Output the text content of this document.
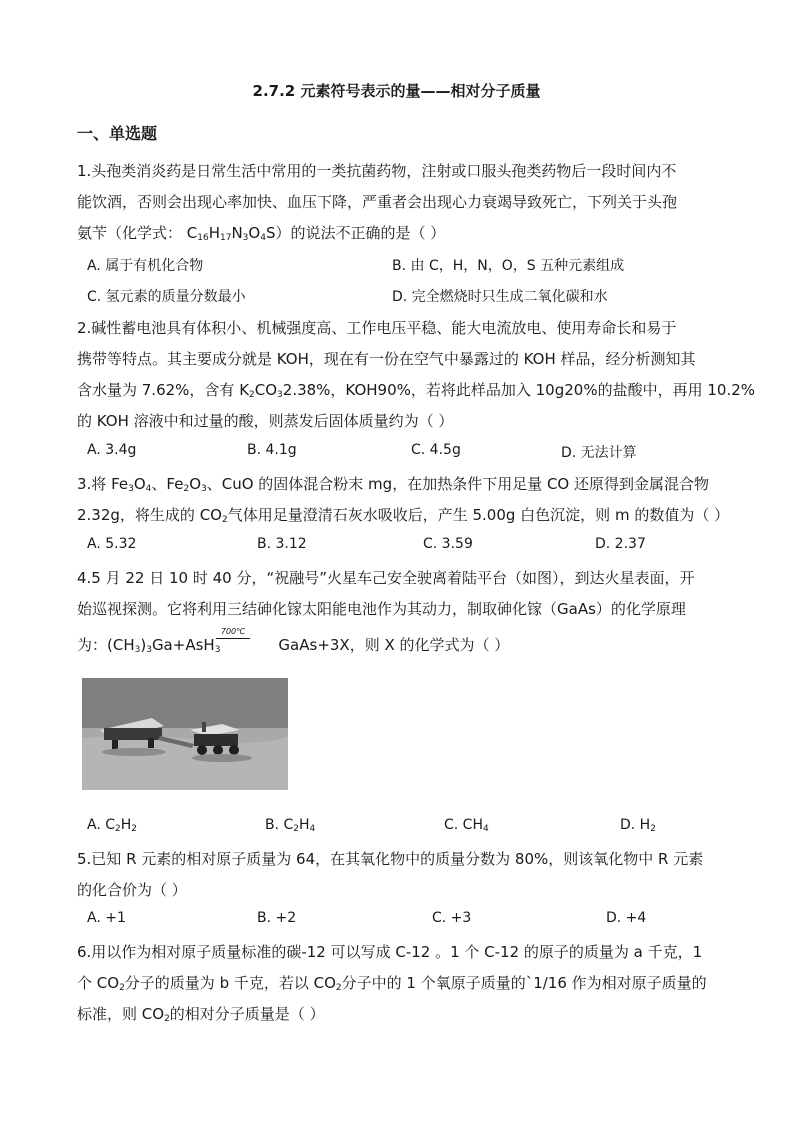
2.7.2 元素符号表示的量——相对分子质量
一、单选题
1.头孢类消炎药是日常生活中常用的一类抗菌药物，注射或口服头孢类药物后一段时间内不
能饮酒，否则会出现心率加快、血压下降，严重者会出现心力衰竭导致死亡，下列关于头孢
氨苄（化学式： $C_{16}H_{17}N_3O_4S$）的说法不正确的是（ ）
A. 属于有机化合物	B. 由 C，H，N，O，S 五种元素组成
C. 氢元素的质量分数最小	D. 完全燃烧时只生成二氧化碳和水
2.碱性蓄电池具有体积小、机械强度高、工作电压平稳、能大电流放电、使用寿命长和易于
携带等特点。其主要成分就是 KOH，现在有一份在空气中暴露过的 KOH 样品，经分析测知其
含水量为 7.62%，含有 $K_2CO_32.38\%$，KOH90%，若将此样品加入 10g20%的盐酸中，再用 10.2%
的 KOH 溶液中和过量的酸，则蒸发后固体质量约为（ ）
A. 3.4g	B. 4.1g	C. 4.5g	D. 无法计算
3.将 $Fe_3O_4$、$Fe_2O_3$、CuO 的固体混合粉末 mg，在加热条件下用足量 CO 还原得到金属混合物
2.32g，将生成的 $CO_2$气体用足量澄清石灰水吸收后，产生 5.00g 白色沉淀，则 m 的数值为（ ）
A. 5.32	B. 3.12	C. 3.59	D. 2.37
4.5 月 22 日 10 时 40 分，“祝融号”火星车己安全驶离着陆平台（如图），到达火星表面，开
始巡视探测。它将利用三结砷化镓太阳能电池作为其动力，制取砷化镓（GaAs）的化学原理
为：$(CH_3)_3Ga+AsH_3$	GaAs+3X，则 X 的化学式为（ ）
700℃
A. $C_2H_2$	B. $C_2H_4$	C. $CH_4$	D. $H_2$
5.已知 R 元素的相对原子质量为 64，在其氧化物中的质量分数为 80%，则该氧化物中 R 元素
的化合价为（ ）
A. +1	B. +2	C. +3	D. +4
6.用以作为相对原子质量标准的碳-12 可以写成 C-12 。1 个 C-12 的原子的质量为 a 千克，1
个 $CO_2$分子的质量为 b 千克，若以 $CO_2$分子中的 1 个氧原子质量的`1/16 作为相对原子质量的
标准，则 $CO_2$的相对分子质量是（ ）
